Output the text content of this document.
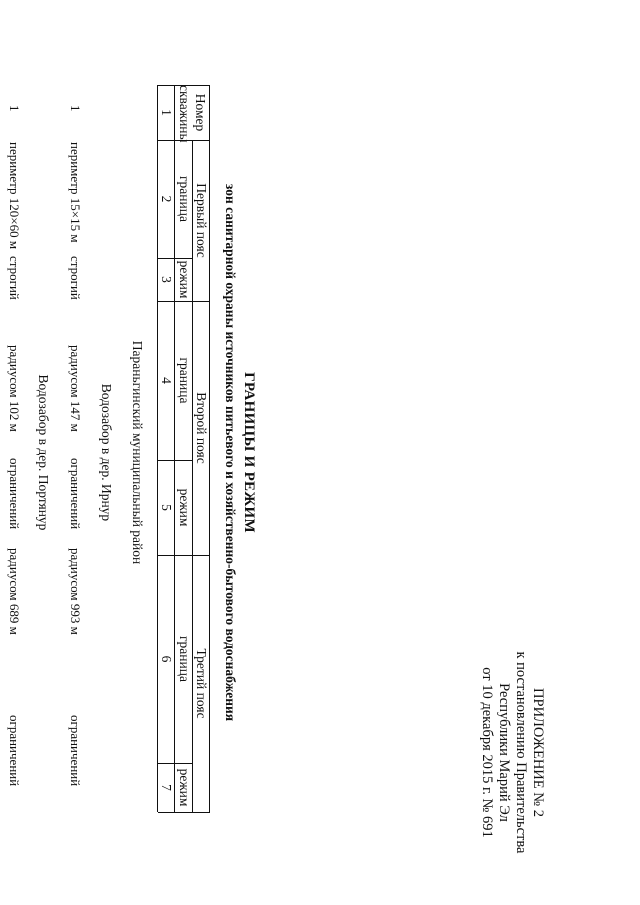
ПРИЛОЖЕНИЕ № 2
к постановлению Правительства
Республики Марий Эл
от 10 декабря 2015 г. № 691
ГРАНИЦЫ И РЕЖИМ
зон санитарной охраны источников питьевого и хозяйственно-бытового водоснабжения
Номер
скважины
Первый пояс
Второй пояс
Третий пояс
граница
режим
граница
режим
граница
режим
1
2
3
4
5
6
7
Параньгинский муниципальный район
Водозабор в дер. Ирнур
1
периметр 15×15 м
строгий
радиусом 147 м
ограничений
радиусом 993 м
ограничений
Водозабор в дер. Портянур
1
периметр 120×60 м
строгий
радиусом 102 м
ограничений
радиусом 689 м
ограничений
